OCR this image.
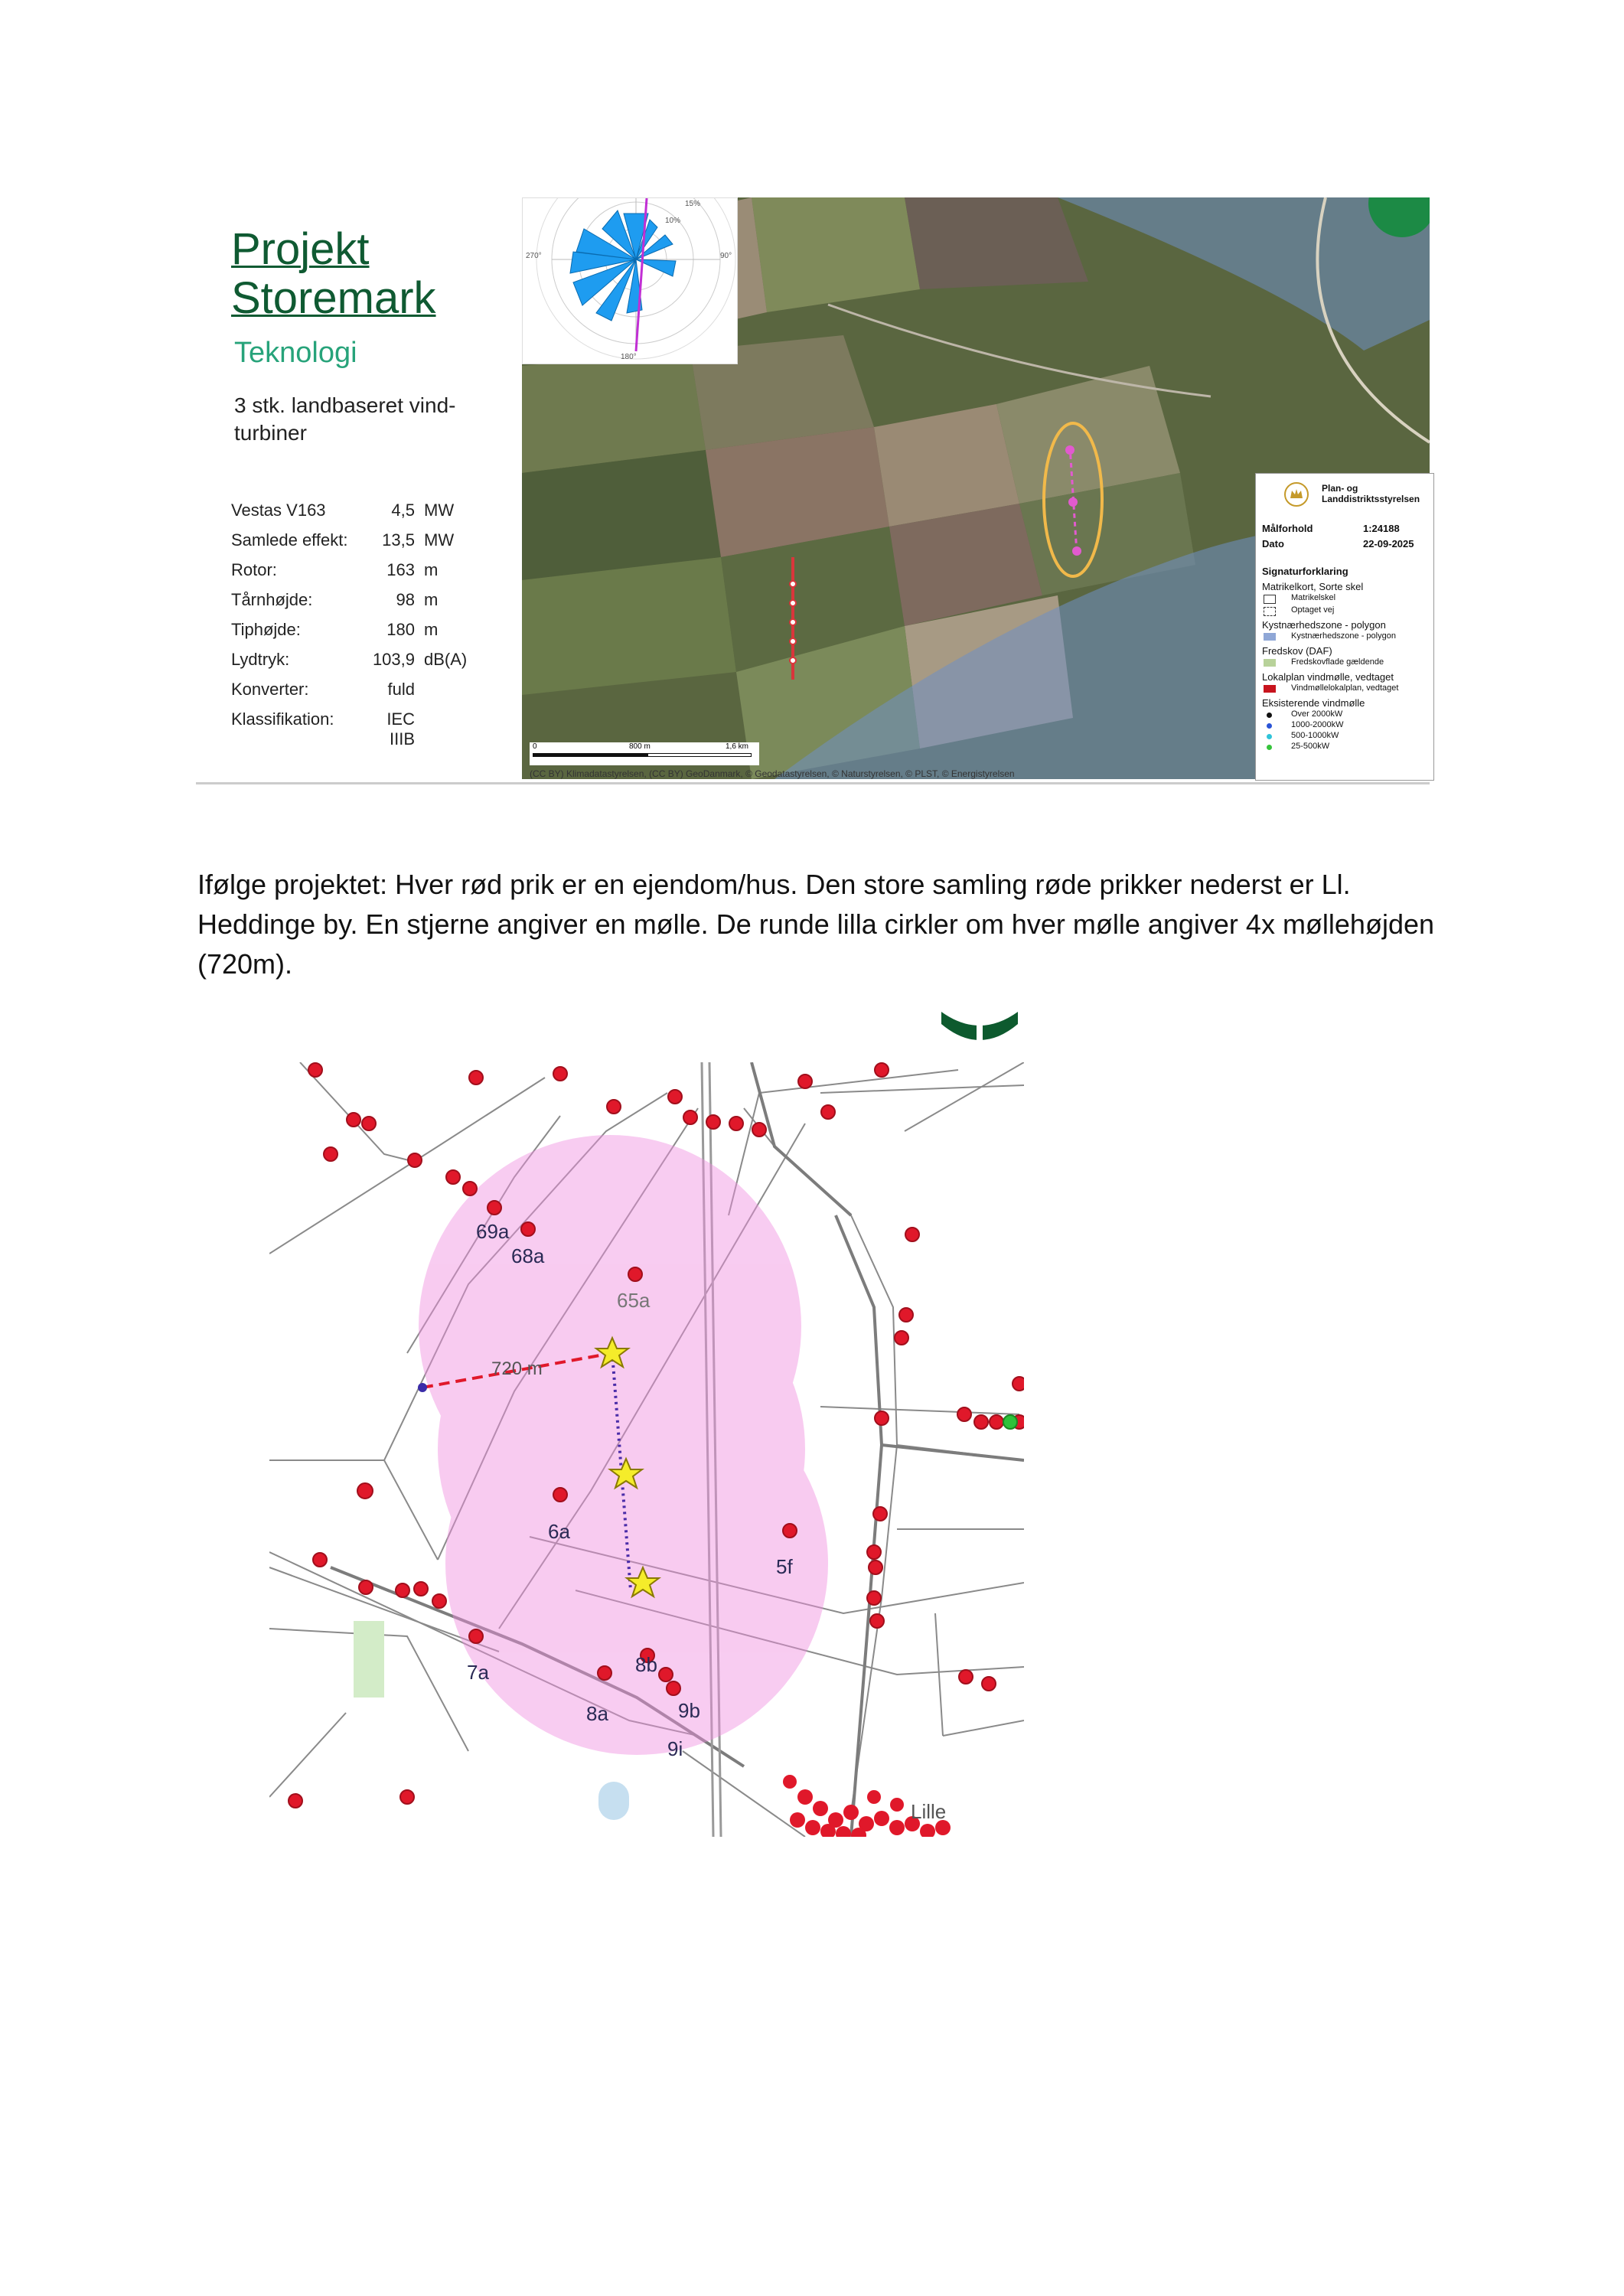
Projekt
Storemark
Teknologi
3 stk. landbaseret vind-turbiner
Vestas V163	4,5 MW
Samlede effekt:	13,5 MW
Rotor:	163 m
Tårnhøjde:	98 m
Tiphøjde:	180 m
Lydtryk:	103,9 dB(A)
Konverter:	fuld
Klassifikation:	IEC IIIB
15%
10%
90°
270°
180°
Plan- og Landdistriktsstyrelsen
Målforhold	1:24188
Dato	22-09-2025
Signaturforklaring
Matrikelkort, Sorte skel
Matrikelskel
Optaget vej
Kystnærhedszone - polygon
Kystnærhedszone - polygon
Fredskov (DAF)
Fredskovflade gældende
Lokalplan vindmølle, vedtaget
Vindmøllelokalplan, vedtaget
Eksisterende vindmølle
Over 2000kW
1000-2000kW
500-1000kW
25-500kW
0	800 m	1,6 km
(CC BY) Klimadatastyrelsen, (CC BY) GeoDanmark, © Geodatastyrelsen, © Naturstyrelsen, © PLST, © Energistyrelsen
Ifølge projektet: Hver rød prik er en ejendom/hus. Den store samling røde prikker nederst er Ll. Heddinge by. En stjerne angiver en mølle. De runde lilla cirkler om hver mølle angiver 4x møllehøjden (720m).
720 m
69a
68a
65a
6a
5f
7a	8b
8a	9b
9i
Lille
